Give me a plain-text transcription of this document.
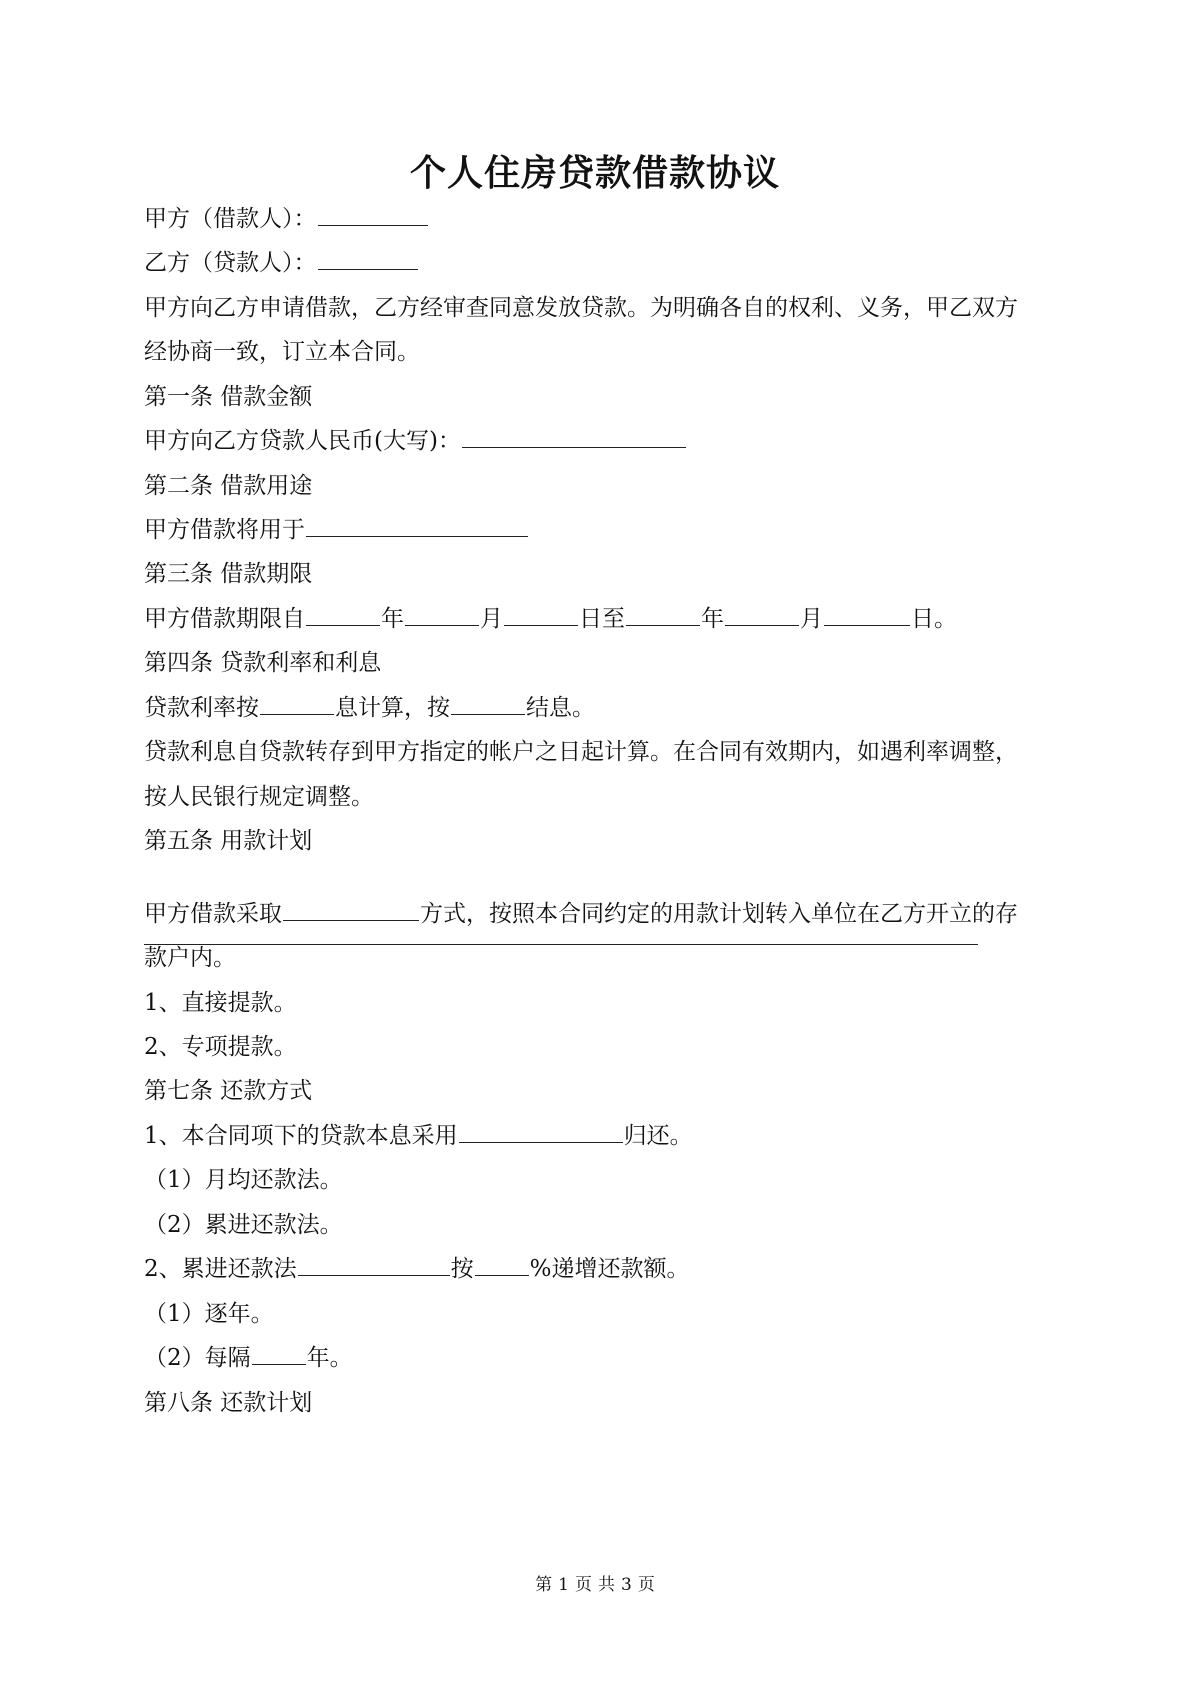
个人住房贷款借款协议
甲方（借款人）：
乙方（贷款人）：
甲方向乙方申请借款，乙方经审查同意发放贷款。为明确各自的权利、义务，甲乙双方
经协商一致，订立本合同。
第一条 借款金额
甲方向乙方贷款人民币(大写)：
第二条 借款用途
甲方借款将用于
第三条 借款期限
甲方借款期限自	年	月	日至	年	月	日。
第四条 贷款利率和利息
贷款利率按	息计算，按	结息。
贷款利息自贷款转存到甲方指定的帐户之日起计算。在合同有效期内，如遇利率调整，
按人民银行规定调整。
第五条 用款计划
甲方借款采取	方式，按照本合同约定的用款计划转入单位在乙方开立的存
款户内。
1、直接提款。
2、专项提款。
第七条 还款方式
1、本合同项下的贷款本息采用	归还。
（1）月均还款法。
（2）累进还款法。
2、累进还款法	按 %递增还款额。
（1）逐年。
（2）每隔 年。
第八条 还款计划
第 1 页 共 3 页
